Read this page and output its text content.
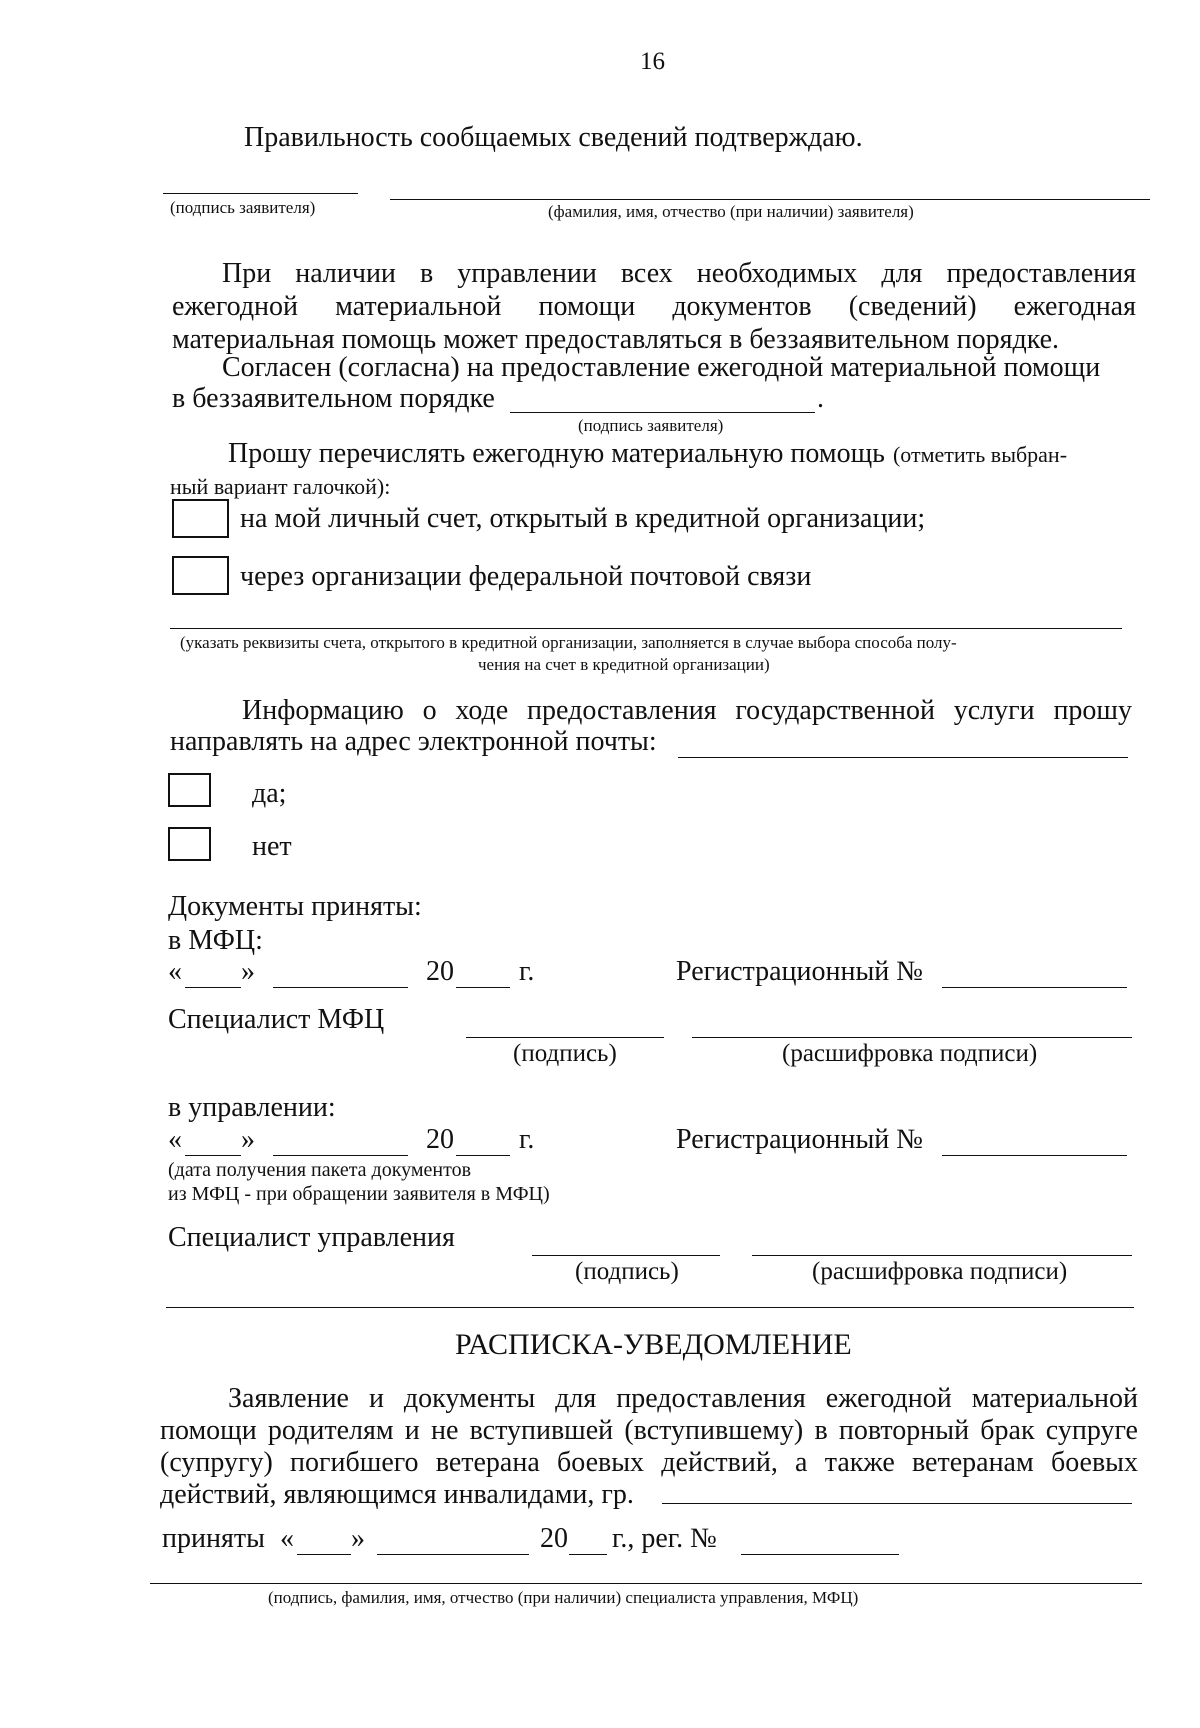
16
Правильность сообщаемых сведений подтверждаю.
(подпись заявителя)	(фамилия, имя, отчество (при наличии) заявителя)
При наличии в управлении всех необходимых для предоставления ежегодной материальной помощи документов (сведений) ежегодная материальная помощь может предоставляться в беззаявительном порядке.
Согласен (согласна) на предоставление ежегодной материальной помощи
в беззаявительном порядке	.
(подпись заявителя)
Прошу перечислять ежегодную материальную помощь (отметить выбран-
ный вариант галочкой):
на мой личный счет, открытый в кредитной организации;
через организации федеральной почтовой связи
(указать реквизиты счета, открытого в кредитной организации, заполняется в случае выбора способа полу-
чения на счет в кредитной организации)
Информацию о ходе предоставления государственной услуги прошу
направлять на адрес электронной почты:
да;
нет
Документы приняты:
в МФЦ:
« »	20 г.	Регистрационный №
Специалист МФЦ
(подпись)	(расшифровка подписи)
в управлении:
« »	20 г.	Регистрационный №
(дата получения пакета документов
из МФЦ - при обращении заявителя в МФЦ)
Специалист управления
(подпись)	(расшифровка подписи)
РАСПИСКА-УВЕДОМЛЕНИЕ
Заявление и документы для предоставления ежегодной материальной помощи родителям и не вступившей (вступившему) в повторный брак супруге (супругу) погибшего ветерана боевых действий, а также ветеранам боевых действий, являющимся инвалидами, гр.
приняты « »	20 г., рег. №
(подпись, фамилия, имя, отчество (при наличии) специалиста управления, МФЦ)
